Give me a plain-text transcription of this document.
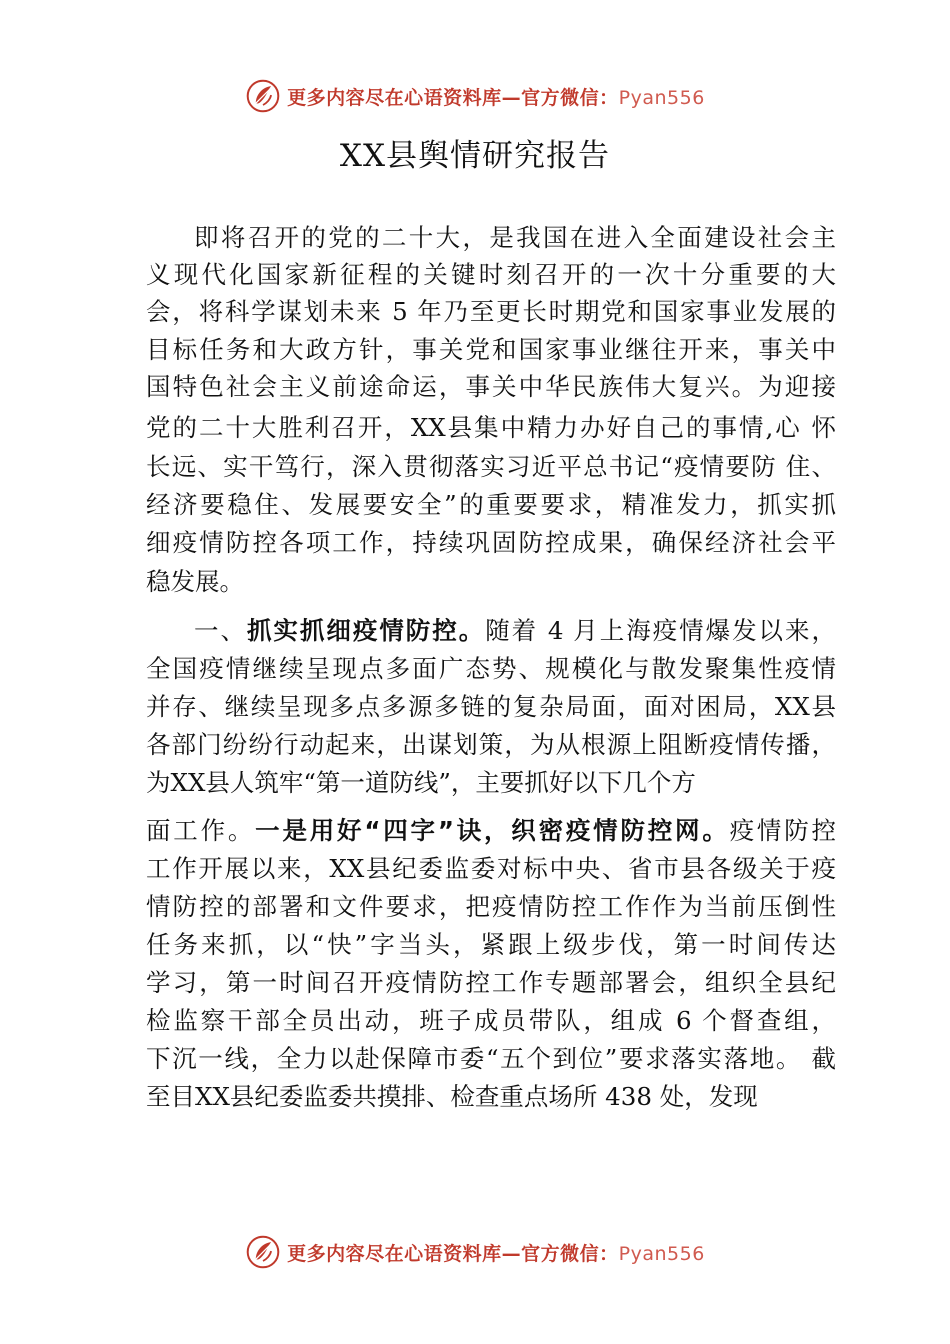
更多内容尽在心语资料库—官方微信：Pyan556
XX县舆情研究报告
即将召开的党的二十大，是我国在进入全面建设社会主
义现代化国家新征程的关键时刻召开的一次十分重要的大
会，将科学谋划未来 5 年乃至更长时期党和国家事业发展的
目标任务和大政方针，事关党和国家事业继往开来，事关中
国特色社会主义前途命运，事关中华民族伟大复兴。为迎接
党的二十大胜利召开，XX县集中精力办好自己的事情,心 怀
长远、实干笃行，深入贯彻落实习近平总书记“疫情要防 住、
经济要稳住、发展要安全”的重要要求，精准发力，抓实抓
细疫情防控各项工作，持续巩固防控成果，确保经济社会平
稳发展。
一、抓实抓细疫情防控。随着 4 月上海疫情爆发以来，
全国疫情继续呈现点多面广态势、规模化与散发聚集性疫情
并存、继续呈现多点多源多链的复杂局面，面对困局，XX县
各部门纷纷行动起来，出谋划策，为从根源上阻断疫情传播，
为XX县人筑牢“第一道防线”，主要抓好以下几个方
面工作。一是用好“四字”诀，织密疫情防控网。疫情防控
工作开展以来，XX县纪委监委对标中央、省市县各级关于疫
情防控的部署和文件要求，把疫情防控工作作为当前压倒性
任务来抓，以“快”字当头，紧跟上级步伐，第一时间传达
学习，第一时间召开疫情防控工作专题部署会，组织全县纪
检监察干部全员出动，班子成员带队，组成 6 个督查组，
下沉一线，全力以赴保障市委“五个到位”要求落实落地。 截
至目XX县纪委监委共摸排、检查重点场所 438 处，发现
更多内容尽在心语资料库—官方微信：Pyan556
